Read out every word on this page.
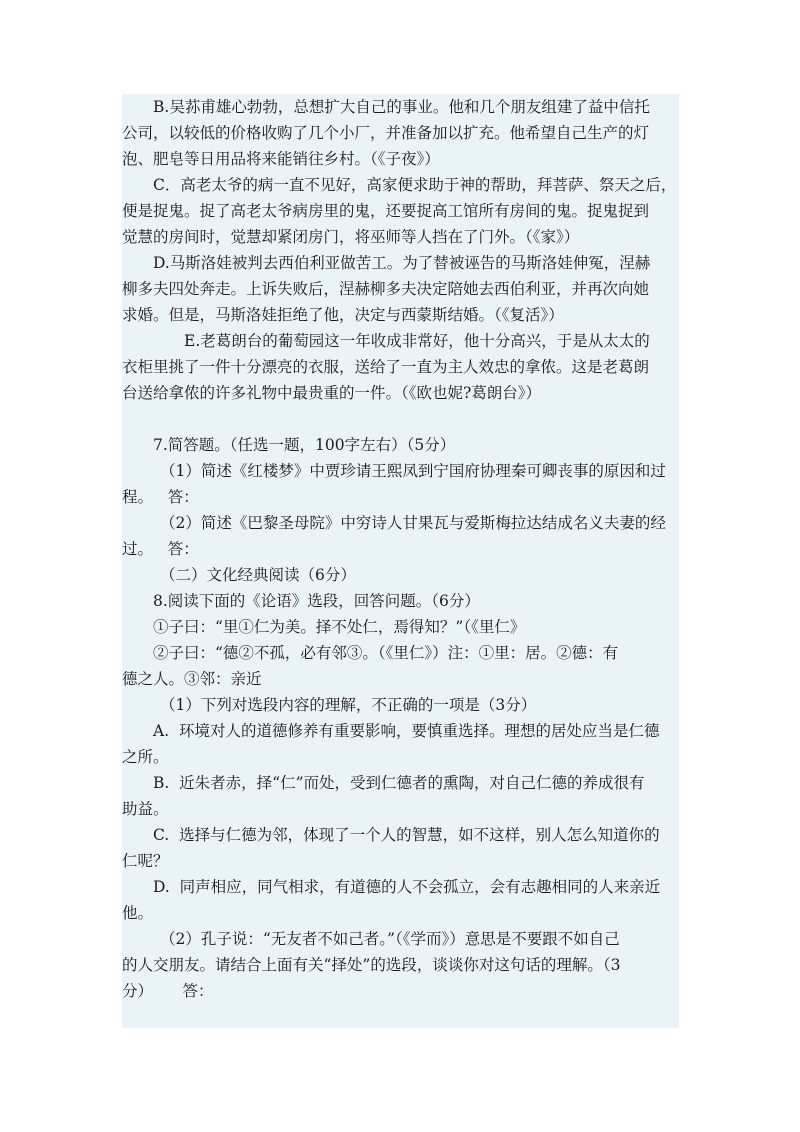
B.吴荪甫雄心勃勃，总想扩大自己的事业。他和几个朋友组建了益中信托

公司，以较低的价格收购了几个小厂，并准备加以扩充。他希望自己生产的灯

泡、肥皂等日用品将来能销往乡村。（《子夜》）

C．高老太爷的病一直不见好，高家便求助于神的帮助，拜菩萨、祭天之后，

便是捉鬼。捉了高老太爷病房里的鬼，还要捉高工馆所有房间的鬼。捉鬼捉到

觉慧的房间时，觉慧却紧闭房门，将巫师等人挡在了门外。（《家》）

D.马斯洛娃被判去西伯利亚做苦工。为了替被诬告的马斯洛娃伸冤，涅赫

柳多夫四处奔走。上诉失败后，涅赫柳多夫决定陪她去西伯利亚，并再次向她

求婚。但是，马斯洛娃拒绝了他，决定与西蒙斯结婚。（《复活》）

E.老葛朗台的葡萄园这一年收成非常好，他十分高兴，于是从太太的

衣柜里挑了一件十分漂亮的衣服，送给了一直为主人效忠的拿侬。这是老葛朗

台送给拿侬的许多礼物中最贵重的一件。（《欧也妮?葛朗台》）

7.简答题。（任选一题，100字左右）（5分）

（1）简述《红楼梦》中贾珍请王熙凤到宁国府协理秦可卿丧事的原因和过

程。   答：

（2）简述《巴黎圣母院》中穷诗人甘果瓦与爱斯梅拉达结成名义夫妻的经

过。   答：

（二）文化经典阅读（6分）

8.阅读下面的《论语》选段，回答问题。（6分）

①子曰：“里①仁为美。择不处仁，焉得知？”（《里仁》

②子曰：“德②不孤，必有邻③。（《里仁》）注：①里：居。②德：有

德之人。③邻：亲近

（1）下列对选段内容的理解，不正确的一项是（3分）

A.  环境对人的道德修养有重要影响，要慎重选择。理想的居处应当是仁德

之所。

B.  近朱者赤，择“仁”而处，受到仁德者的熏陶，对自己仁德的养成很有

助益。

C.  选择与仁德为邻，体现了一个人的智慧，如不这样，别人怎么知道你的

仁呢？

D.  同声相应，同气相求，有道德的人不会孤立，会有志趣相同的人来亲近

他。

（2）孔子说：“无友者不如己者。”（《学而》）意思是不要跟不如自己

的人交朋友。请结合上面有关“择处”的选段，谈谈你对这句话的理解。（3

分）      答：
